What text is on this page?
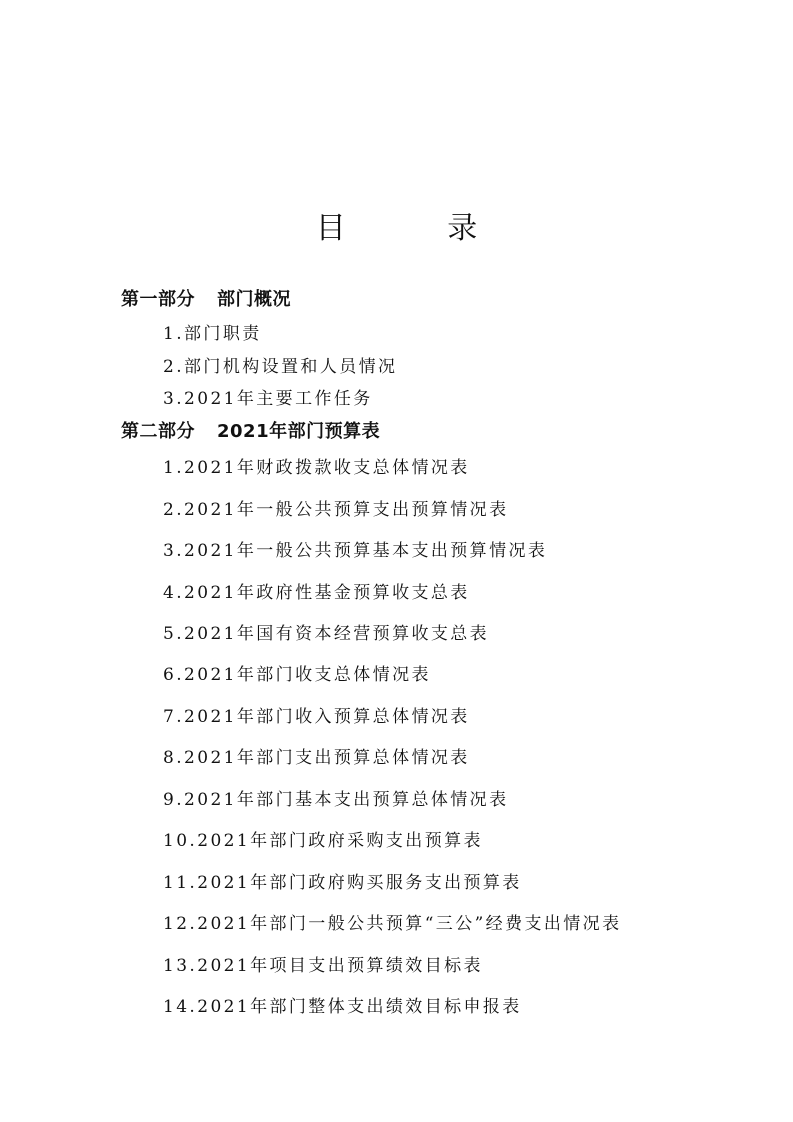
目 录
第一部分 部门概况
1.部门职责
2.部门机构设置和人员情况
3.2021年主要工作任务
第二部分 2021年部门预算表
1.2021年财政拨款收支总体情况表
2.2021年一般公共预算支出预算情况表
3.2021年一般公共预算基本支出预算情况表
4.2021年政府性基金预算收支总表
5.2021年国有资本经营预算收支总表
6.2021年部门收支总体情况表
7.2021年部门收入预算总体情况表
8.2021年部门支出预算总体情况表
9.2021年部门基本支出预算总体情况表
10.2021年部门政府采购支出预算表
11.2021年部门政府购买服务支出预算表
12.2021年部门一般公共预算“三公”经费支出情况表
13.2021年项目支出预算绩效目标表
14.2021年部门整体支出绩效目标申报表
